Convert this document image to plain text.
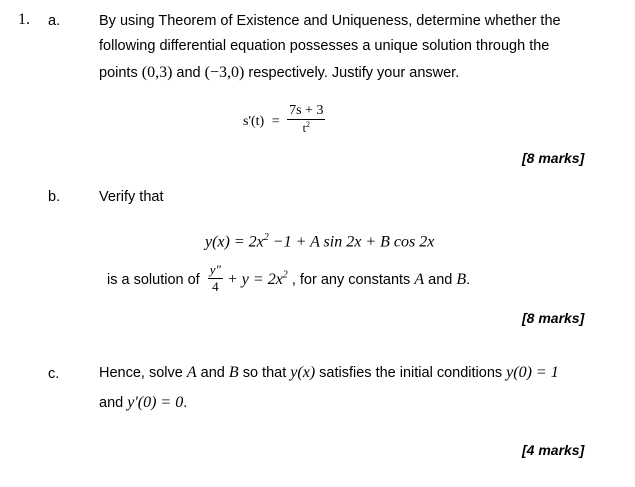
1. a.	By using Theorem of Existence and Uniqueness, determine whether the
following differential equation possesses a unique solution through the
points (0,3) and (−3,0) respectively. Justify your answer.
$s'(t) = \frac{7s + 3}{t^2}$
[8 marks]
b.	Verify that
$y(x) = 2x^2 -1 + A$ sin 2x + B cos 2x
is a solution of $\frac{y"}{4} + y = 2x^2$ , for any constants A and B.
[8 marks]
c.	Hence, solve A and B so that y(x) satisfies the initial conditions y(0) = 1
and y'(0) = 0.
[4 marks]
